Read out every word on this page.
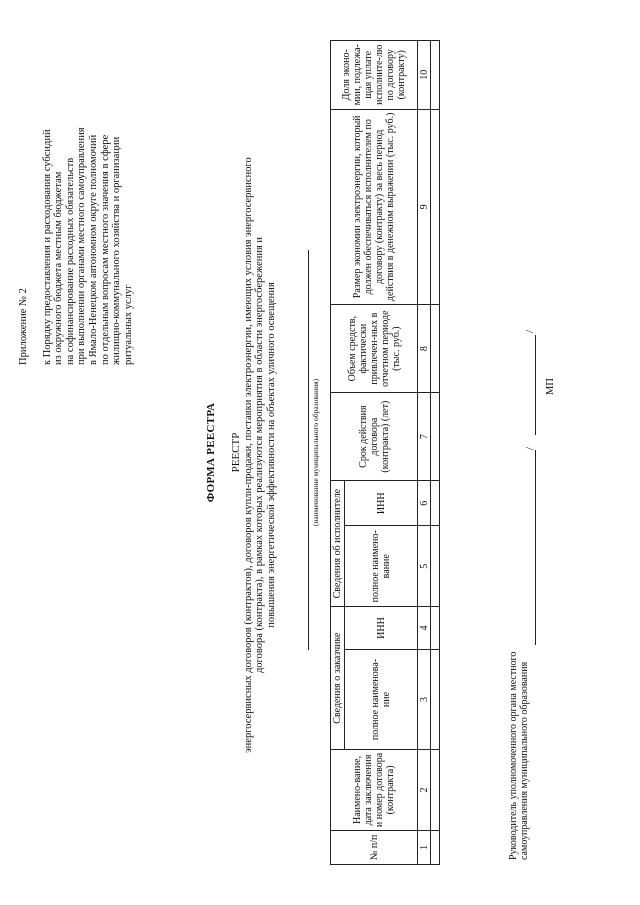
Приложение № 2 к Порядку предоставления и расходования субсидий из окружного бюджета местным бюджетам на софинансирование расходных обязательств при выполнении органами местного самоуправления в Ямало-Ненецком автономном округе полномочий по отдельным вопросам местного значения в сфере жилищно-коммунального хозяйства и организации ритуальных услуг
ФОРМА РЕЕСТРА РЕЕСТР энергосервисных договоров (контрактов), договоров купли-продажи, поставки электроэнергии, имеющих условия энергосервисного договора (контракта), в рамках которых реализуются мероприятия в области энергосбережения и повышения энергетической эффективности на объектах уличного освещения	(наименование муниципального образования)
№ п/п	Наимено-вание, дата заключения и номер договора (контракта)	Сведения о заказчике		Сведения об исполнителе		Срок действия договора (контракта) (лет)	Объем средств, фактически привлечен-ных в отчетном периоде (тыс. руб.)	Размер экономии электроэнергии, который должен обеспечиваться исполнителем по договору (контракту) за весь период действия в денежном выражении (тыс. руб.)	Доля эконо-мии, подлежа-щая уплате исполните-лю по договору (контракту)
		полное наименова-ние	ИНН	полное наимено-вание	ИНН				
1	2	3	4	5	6	7	8	9	10

Руководитель уполномоченного органа местного самоуправления муниципального образования
/
/
МП
